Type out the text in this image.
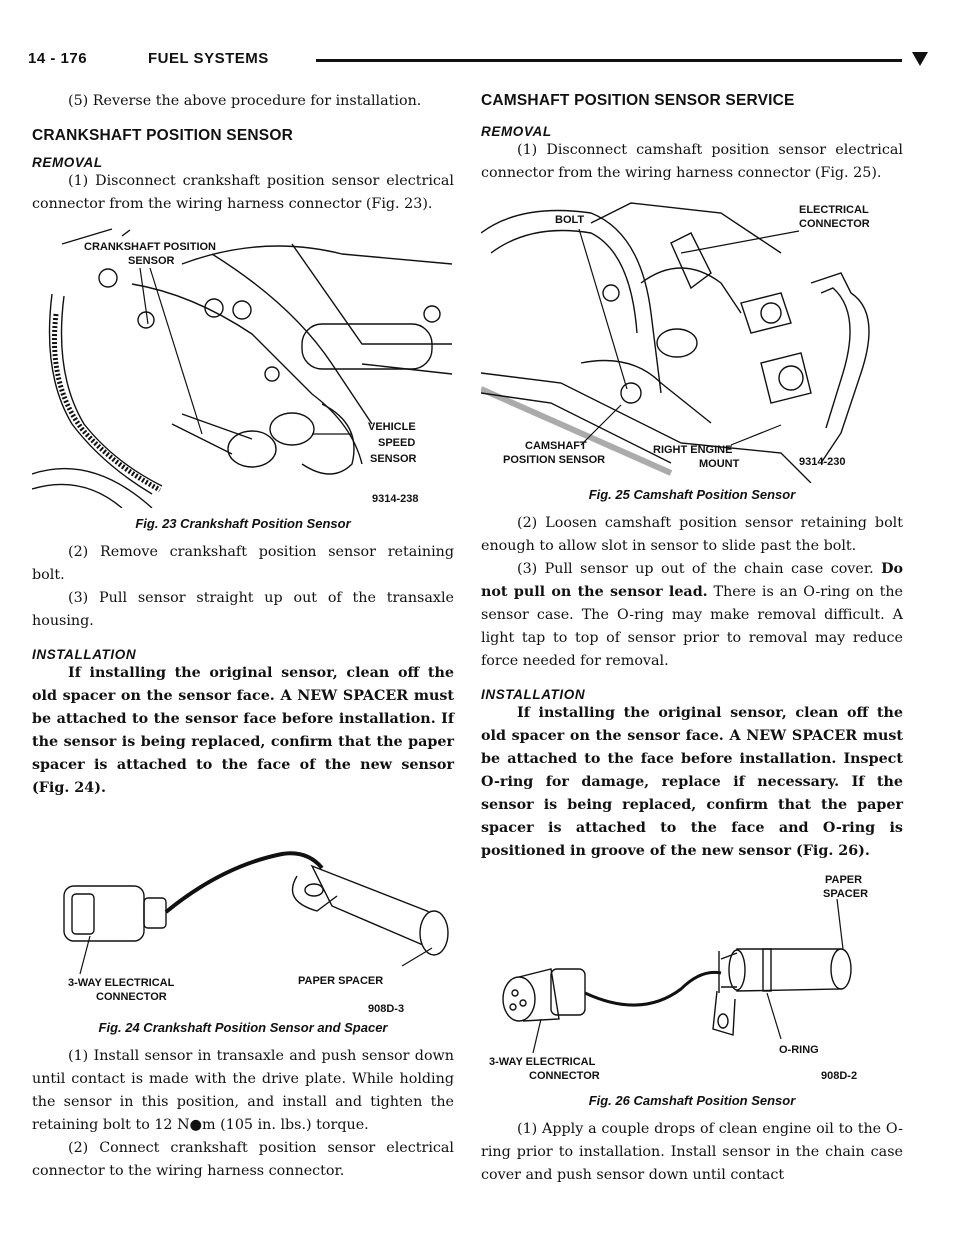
14 - 176	FUEL SYSTEMS

(5) Reverse the above procedure for installation.

CRANKSHAFT POSITION SENSOR
REMOVAL

(1) Disconnect crankshaft position sensor electrical connector from the wiring harness connector (Fig. 23).

CRANKSHAFT POSITION
SENSOR
VEHICLE
SPEED
SENSOR
9314-238
Fig. 23 Crankshaft Position Sensor

(2) Remove crankshaft position sensor retaining bolt.

(3) Pull sensor straight up out of the transaxle housing.

INSTALLATION

If installing the original sensor, clean off the old spacer on the sensor face. A NEW SPACER must be attached to the sensor face before installation. If the sensor is being replaced, confirm that the paper spacer is attached to the face of the new sensor (Fig. 24).

3-WAY ELECTRICAL
CONNECTOR
PAPER SPACER
908D-3
Fig. 24 Crankshaft Position Sensor and Spacer

(1) Install sensor in transaxle and push sensor down until contact is made with the drive plate. While holding the sensor in this position, and install and tighten the retaining bolt to 12 N●m (105 in. lbs.) torque.

(2) Connect crankshaft position sensor electrical connector to the wiring harness connector.

CAMSHAFT POSITION SENSOR SERVICE
REMOVAL

(1) Disconnect camshaft position sensor electrical connector from the wiring harness connector (Fig. 25).

BOLT
ELECTRICAL
CONNECTOR
CAMSHAFT
POSITION SENSOR
RIGHT ENGINE
MOUNT	9314-230
Fig. 25 Camshaft Position Sensor

(2) Loosen camshaft position sensor retaining bolt enough to allow slot in sensor to slide past the bolt.

(3) Pull sensor up out of the chain case cover. Do not pull on the sensor lead. There is an O-ring on the sensor case. The O-ring may make removal difficult. A light tap to top of sensor prior to removal may reduce force needed for removal.

INSTALLATION

If installing the original sensor, clean off the old spacer on the sensor face. A NEW SPACER must be attached to the face before installation. Inspect O-ring for damage, replace if necessary. If the sensor is being replaced, confirm that the paper spacer is attached to the face and O-ring is positioned in groove of the new sensor (Fig. 26).

PAPER
SPACER
3-WAY ELECTRICAL
CONNECTOR
O-RING
908D-2
Fig. 26 Camshaft Position Sensor

(1) Apply a couple drops of clean engine oil to the O-ring prior to installation. Install sensor in the chain case cover and push sensor down until contact
